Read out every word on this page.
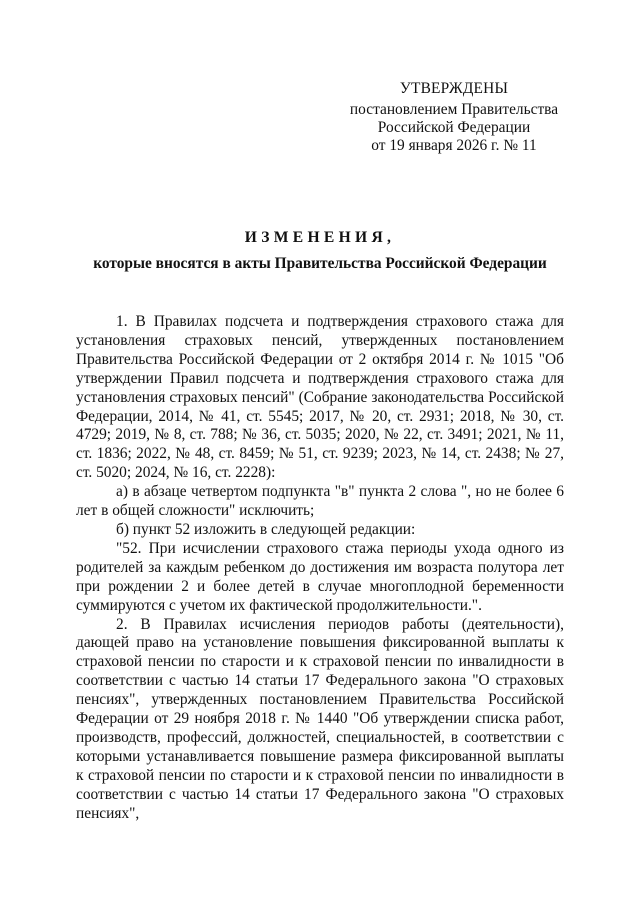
УТВЕРЖДЕНЫ
постановлением Правительства
Российской Федерации
от 19 января 2026 г. № 11
ИЗМЕНЕНИЯ,
которые вносятся в акты Правительства Российской Федерации

1. В Правилах подсчета и подтверждения страхового стажа для установления страховых пенсий, утвержденных постановлением Правительства Российской Федерации от 2 октября 2014 г. № 1015 "Об утверждении Правил подсчета и подтверждения страхового стажа для установления страховых пенсий" (Собрание законодательства Российской Федерации, 2014, № 41, ст. 5545; 2017, № 20, ст. 2931; 2018, № 30, ст. 4729; 2019, № 8, ст. 788; № 36, ст. 5035; 2020, № 22, ст. 3491; 2021, № 11, ст. 1836; 2022, № 48, ст. 8459; № 51, ст. 9239; 2023, № 14, ст. 2438; № 27, ст. 5020; 2024, № 16, ст. 2228):

а) в абзаце четвертом подпункта "в" пункта 2 слова ", но не более 6 лет в общей сложности" исключить;

б) пункт 52 изложить в следующей редакции:

"52. При исчислении страхового стажа периоды ухода одного из родителей за каждым ребенком до достижения им возраста полутора лет при рождении 2 и более детей в случае многоплодной беременности суммируются с учетом их фактической продолжительности.".

2. В Правилах исчисления периодов работы (деятельности), дающей право на установление повышения фиксированной выплаты к страховой пенсии по старости и к страховой пенсии по инвалидности в соответствии с частью 14 статьи 17 Федерального закона "О страховых пенсиях", утвержденных постановлением Правительства Российской Федерации от 29 ноября 2018 г. № 1440 "Об утверждении списка работ, производств, профессий, должностей, специальностей, в соответствии с которыми устанавливается повышение размера фиксированной выплаты к страховой пенсии по старости и к страховой пенсии по инвалидности в соответствии с частью 14 статьи 17 Федерального закона "О страховых пенсиях",
